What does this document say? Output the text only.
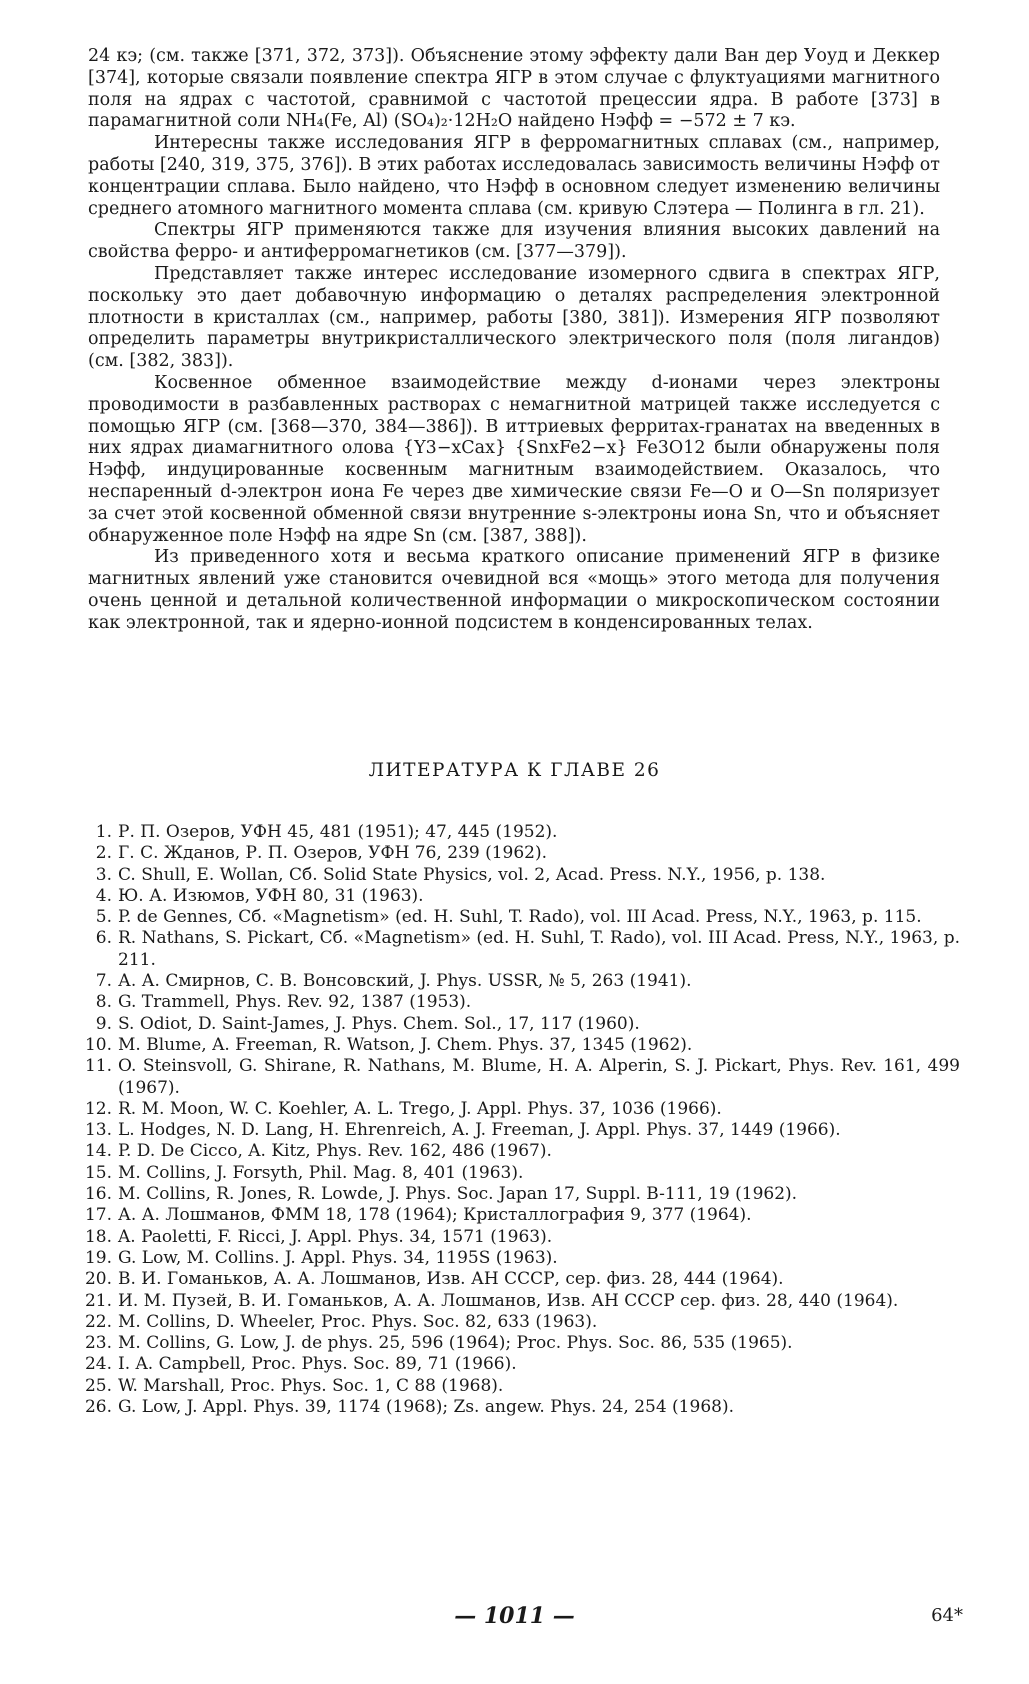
24 кэ; (см. также [371, 372, 373]). Объяснение этому эффекту дали Ван дер Уоуд и Деккер [374], которые связали появление спектра ЯГР в этом случае с флуктуациями магнитного поля на ядрах с частотой, сравнимой с частотой прецессии ядра. В работе [373] в парамагнитной соли NH₄(Fe, Al) (SO₄)₂·12H₂O найдено Hэфф = −572 ± 7 кэ.

Интересны также исследования ЯГР в ферромагнитных сплавах (см., например, работы [240, 319, 375, 376]). В этих работах исследовалась зависимость величины Hэфф от концентрации сплава. Было найдено, что Hэфф в основном следует изменению величины среднего атомного магнитного момента сплава (см. кривую Слэтера — Полинга в гл. 21).

Спектры ЯГР применяются также для изучения влияния высоких давлений на свойства ферро- и антиферромагнетиков (см. [377—379]).

Представляет также интерес исследование изомерного сдвига в спектрах ЯГР, поскольку это дает добавочную информацию о деталях распределения электронной плотности в кристаллах (см., например, работы [380, 381]). Измерения ЯГР позволяют определить параметры внутрикристаллического электрического поля (поля лигандов) (см. [382, 383]).

Косвенное обменное взаимодействие между d-ионами через электроны проводимости в разбавленных растворах с немагнитной матрицей также исследуется с помощью ЯГР (см. [368—370, 384—386]). В иттриевых ферритах-гранатах на введенных в них ядрах диамагнитного олова {Y3−xCax} {SnxFe2−x} Fe3O12 были обнаружены поля Hэфф, индуцированные косвенным магнитным взаимодействием. Оказалось, что неспаренный d-электрон иона Fe через две химические связи Fe—O и O—Sn поляризует за счет этой косвенной обменной связи внутренние s-электроны иона Sn, что и объясняет обнаруженное поле Hэфф на ядре Sn (см. [387, 388]).

Из приведенного хотя и весьма краткого описание применений ЯГР в физике магнитных явлений уже становится очевидной вся «мощь» этого метода для получения очень ценной и детальной количественной информации о микроскопическом состоянии как электронной, так и ядерно-ионной подсистем в конденсированных телах.

ЛИТЕРАТУРА К ГЛАВЕ 26
1. Р. П. Озеров, УФН 45, 481 (1951); 47, 445 (1952).
2. Г. С. Жданов, Р. П. Озеров, УФН 76, 239 (1962).
3. C. Shull, E. Wollan, Сб. Solid State Physics, vol. 2, Acad. Press. N.Y., 1956, p. 138.
4. Ю. А. Изюмов, УФН 80, 31 (1963).
5. P. de Gennes, Сб. «Magnetism» (ed. H. Suhl, T. Rado), vol. III Acad. Press, N.Y., 1963, p. 115.
6. R. Nathans, S. Pickart, Сб. «Magnetism» (ed. H. Suhl, T. Rado), vol. III Acad. Press, N.Y., 1963, p. 211.
7. А. А. Смирнов, С. В. Вонсовский, J. Phys. USSR, № 5, 263 (1941).
8. G. Trammell, Phys. Rev. 92, 1387 (1953).
9. S. Odiot, D. Saint-James, J. Phys. Chem. Sol., 17, 117 (1960).
10. M. Blume, A. Freeman, R. Watson, J. Chem. Phys. 37, 1345 (1962).
11. O. Steinsvoll, G. Shirane, R. Nathans, M. Blume, H. A. Alperin, S. J. Pickart, Phys. Rev. 161, 499 (1967).
12. R. M. Moon, W. C. Koehler, A. L. Trego, J. Appl. Phys. 37, 1036 (1966).
13. L. Hodges, N. D. Lang, H. Ehrenreich, A. J. Freeman, J. Appl. Phys. 37, 1449 (1966).
14. P. D. De Cicco, A. Kitz, Phys. Rev. 162, 486 (1967).
15. M. Collins, J. Forsyth, Phil. Mag. 8, 401 (1963).
16. M. Collins, R. Jones, R. Lowde, J. Phys. Soc. Japan 17, Suppl. B-111, 19 (1962).
17. А. А. Лошманов, ФММ 18, 178 (1964); Кристаллография 9, 377 (1964).
18. A. Paoletti, F. Ricci, J. Appl. Phys. 34, 1571 (1963).
19. G. Low, M. Collins. J. Appl. Phys. 34, 1195S (1963).
20. В. И. Гоманьков, А. А. Лошманов, Изв. АН СССР, сер. физ. 28, 444 (1964).
21. И. М. Пузей, В. И. Гоманьков, А. А. Лошманов, Изв. АН СССР сер. физ. 28, 440 (1964).
22. M. Collins, D. Wheeler, Proc. Phys. Soc. 82, 633 (1963).
23. M. Collins, G. Low, J. de phys. 25, 596 (1964); Proc. Phys. Soc. 86, 535 (1965).
24. I. A. Campbell, Proc. Phys. Soc. 89, 71 (1966).
25. W. Marshall, Proc. Phys. Soc. 1, C 88 (1968).
26. G. Low, J. Appl. Phys. 39, 1174 (1968); Zs. angew. Phys. 24, 254 (1968).
— 1011 —	64*
